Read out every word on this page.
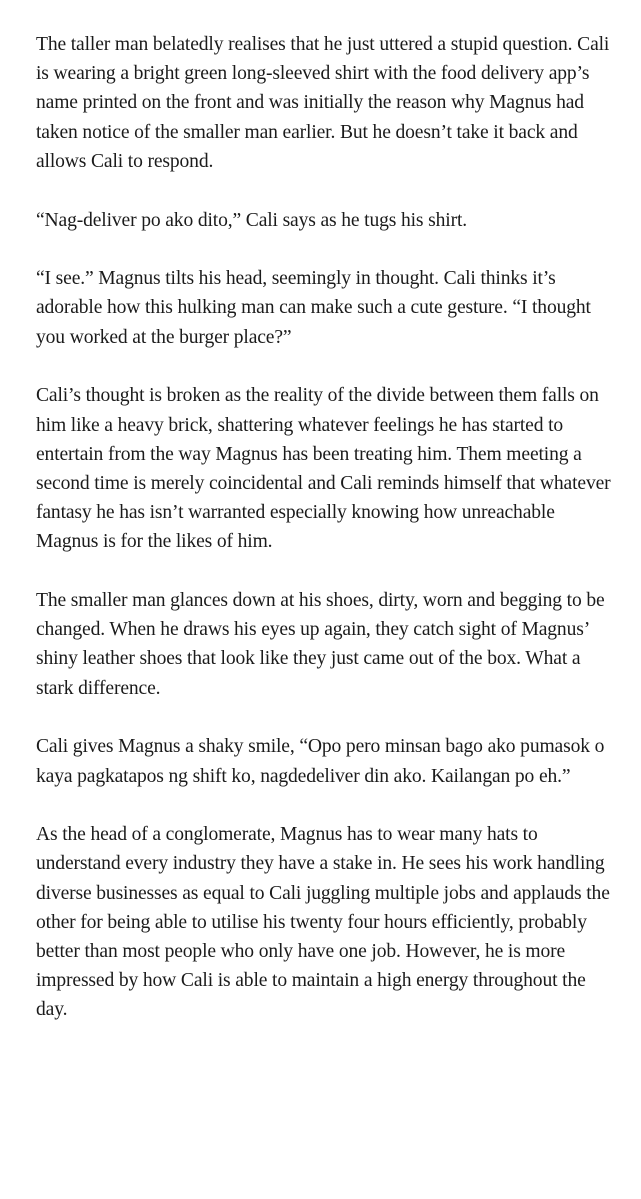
The taller man belatedly realises that he just uttered a stupid question. Cali is wearing a bright green long-sleeved shirt with the food delivery app’s name printed on the front and was initially the reason why Magnus had taken notice of the smaller man earlier. But he doesn’t take it back and allows Cali to respond.

“Nag-deliver po ako dito,” Cali says as he tugs his shirt.

“I see.” Magnus tilts his head, seemingly in thought. Cali thinks it’s adorable how this hulking man can make such a cute gesture. “I thought you worked at the burger place?”

Cali’s thought is broken as the reality of the divide between them falls on him like a heavy brick, shattering whatever feelings he has started to entertain from the way Magnus has been treating him. Them meeting a second time is merely coincidental and Cali reminds himself that whatever fantasy he has isn’t warranted especially knowing how unreachable Magnus is for the likes of him.

The smaller man glances down at his shoes, dirty, worn and begging to be changed. When he draws his eyes up again, they catch sight of Magnus’ shiny leather shoes that look like they just came out of the box. What a stark difference.

Cali gives Magnus a shaky smile, “Opo pero minsan bago ako pumasok o kaya pagkatapos ng shift ko, nagdedeliver din ako. Kailangan po eh.”

As the head of a conglomerate, Magnus has to wear many hats to understand every industry they have a stake in. He sees his work handling diverse businesses as equal to Cali juggling multiple jobs and applauds the other for being able to utilise his twenty four hours efficiently, probably better than most people who only have one job. However, he is more impressed by how Cali is able to maintain a high energy throughout the day.
